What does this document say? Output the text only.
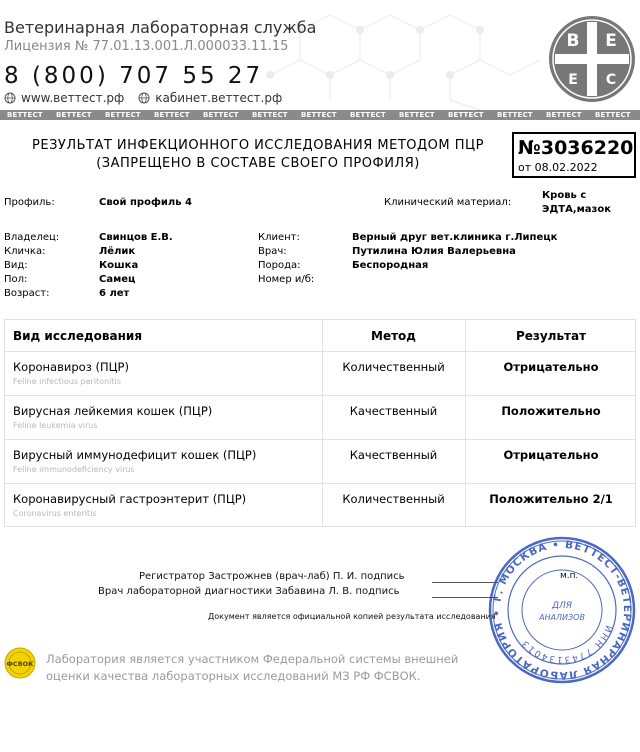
Ветеринарная лабораторная служба
Лицензия № 77.01.13.001.Л.000033.11.15
8 (800) 707 55 27
www.веттест.рф	кабинет.веттест.рф
В Е
Е С
ВЕТТЕСТ	ВЕТТЕСТ	ВЕТТЕСТ	ВЕТТЕСТ	ВЕТТЕСТ	ВЕТТЕСТ	ВЕТТЕСТ	ВЕТТЕСТ	ВЕТТЕСТ	ВЕТТЕСТ	ВЕТТЕСТ	ВЕТТЕСТ	ВЕТТЕСТ
РЕЗУЛЬТАТ ИНФЕКЦИОННОГО ИССЛЕДОВАНИЯ МЕТОДОМ ПЦР
(ЗАПРЕЩЕНО В СОСТАВЕ СВОЕГО ПРОФИЛЯ)
№3036220
от 08.02.2022
Профиль:	Свой профиль 4	Клинический материал:
Кровь с
ЭДТА,мазок
Владелец:	Свинцов Е.В.
Кличка:	Лёлик
Вид:	Кошка
Пол:	Самец
Возраст:	6 лет
Клиент:	Верный друг вет.клиника г.Липецк
Врач:	Путилина Юлия Валерьевна
Порода:	Беспородная
Номер и/б:
Вид исследования	Метод	Результат
Коронавироз (ПЦР)
Feline infectious peritonitis
Количественный	Отрицательно
Вирусная лейкемия кошек (ПЦР)
Feline leukemia virus
Качественный	Положительно
Вирусный иммунодефицит кошек (ПЦР)
Feline immunodeficiency virus
Качественный	Отрицательно
Коронавирусный гастроэнтерит (ПЦР)
Coronavirus enteritis
Количественный	Положительно 2/1
Регистратор Застрожнев (врач-лаб) П. И. подпись
Врач лабораторной диагностики Забавина Л. В. подпись
м.п.
Документ является официальной копией результата исследования
Г. МОСКВА • ВЕТТЕСТ-ВЕТЕРИНАРНАЯ ЛАБОРАТОРИЯ •
ИНН 7743134013
ДЛЯ
АНАЛИЗОВ
ФСВОК Лаборатория является участником Федеральной системы внешней оценки качества лабораторных исследований МЗ РФ ФСВОК.
